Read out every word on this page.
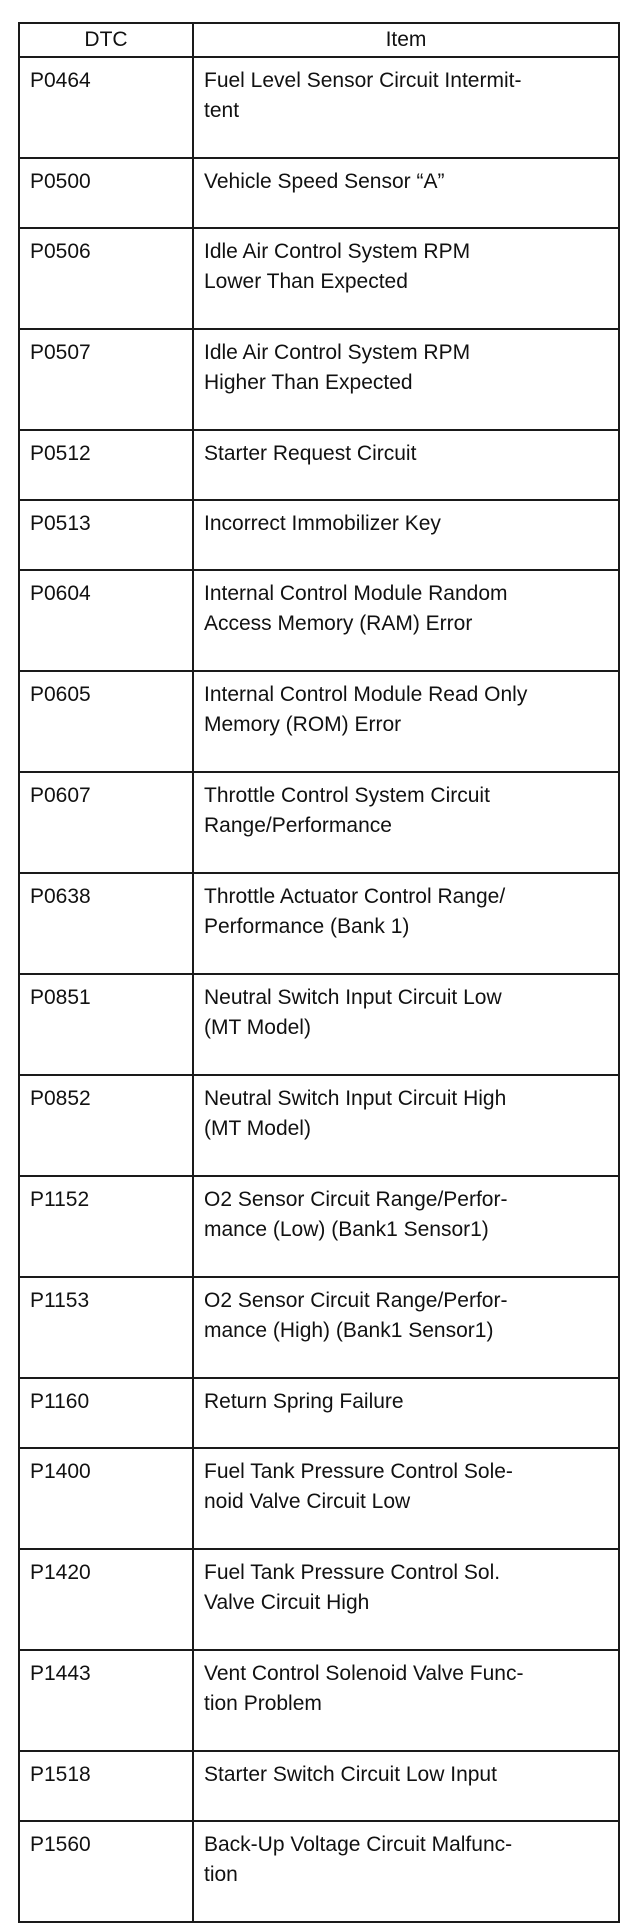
DTC	Item
P0464	Fuel Level Sensor Circuit Intermit-
tent
P0500	Vehicle Speed Sensor “A”
P0506	Idle Air Control System RPM
Lower Than Expected
P0507	Idle Air Control System RPM
Higher Than Expected
P0512	Starter Request Circuit
P0513	Incorrect Immobilizer Key
P0604	Internal Control Module Random
Access Memory (RAM) Error
P0605	Internal Control Module Read Only
Memory (ROM) Error
P0607	Throttle Control System Circuit
Range/Performance
P0638	Throttle Actuator Control Range/
Performance (Bank 1)
P0851	Neutral Switch Input Circuit Low
(MT Model)
P0852	Neutral Switch Input Circuit High
(MT Model)
P1152	O2 Sensor Circuit Range/Perfor-
mance (Low) (Bank1 Sensor1)
P1153	O2 Sensor Circuit Range/Perfor-
mance (High) (Bank1 Sensor1)
P1160	Return Spring Failure
P1400	Fuel Tank Pressure Control Sole-
noid Valve Circuit Low
P1420	Fuel Tank Pressure Control Sol.
Valve Circuit High
P1443	Vent Control Solenoid Valve Func-
tion Problem
P1518	Starter Switch Circuit Low Input
P1560	Back-Up Voltage Circuit Malfunc-
tion
